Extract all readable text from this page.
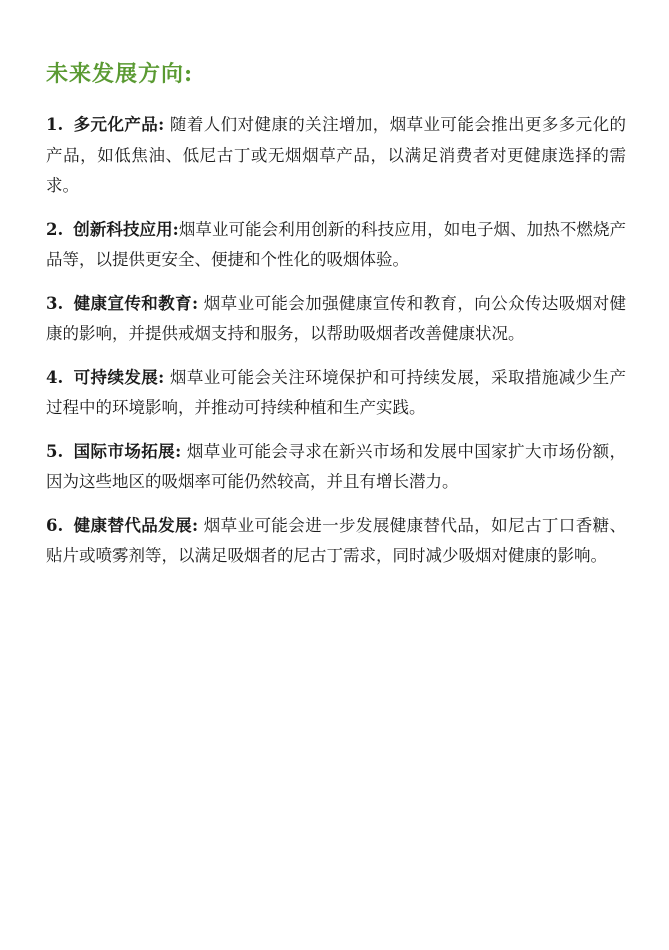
未来发展方向:
1. 多元化产品: 随着人们对健康的关注增加，烟草业可能会推出更多多元化的产品，如低焦油、低尼古丁或无烟烟草产品，以满足消费者对更健康选择的需求。
2. 创新科技应用:烟草业可能会利用创新的科技应用，如电子烟、加热不燃烧产品等，以提供更安全、便捷和个性化的吸烟体验。
3. 健康宣传和教育: 烟草业可能会加强健康宣传和教育，向公众传达吸烟对健康的影响，并提供戒烟支持和服务，以帮助吸烟者改善健康状况。
4. 可持续发展: 烟草业可能会关注环境保护和可持续发展，采取措施减少生产过程中的环境影响，并推动可持续种植和生产实践。
5. 国际市场拓展: 烟草业可能会寻求在新兴市场和发展中国家扩大市场份额，因为这些地区的吸烟率可能仍然较高，并且有增长潜力。
6. 健康替代品发展: 烟草业可能会进一步发展健康替代品，如尼古丁口香糖、贴片或喷雾剂等，以满足吸烟者的尼古丁需求，同时减少吸烟对健康的影响。
